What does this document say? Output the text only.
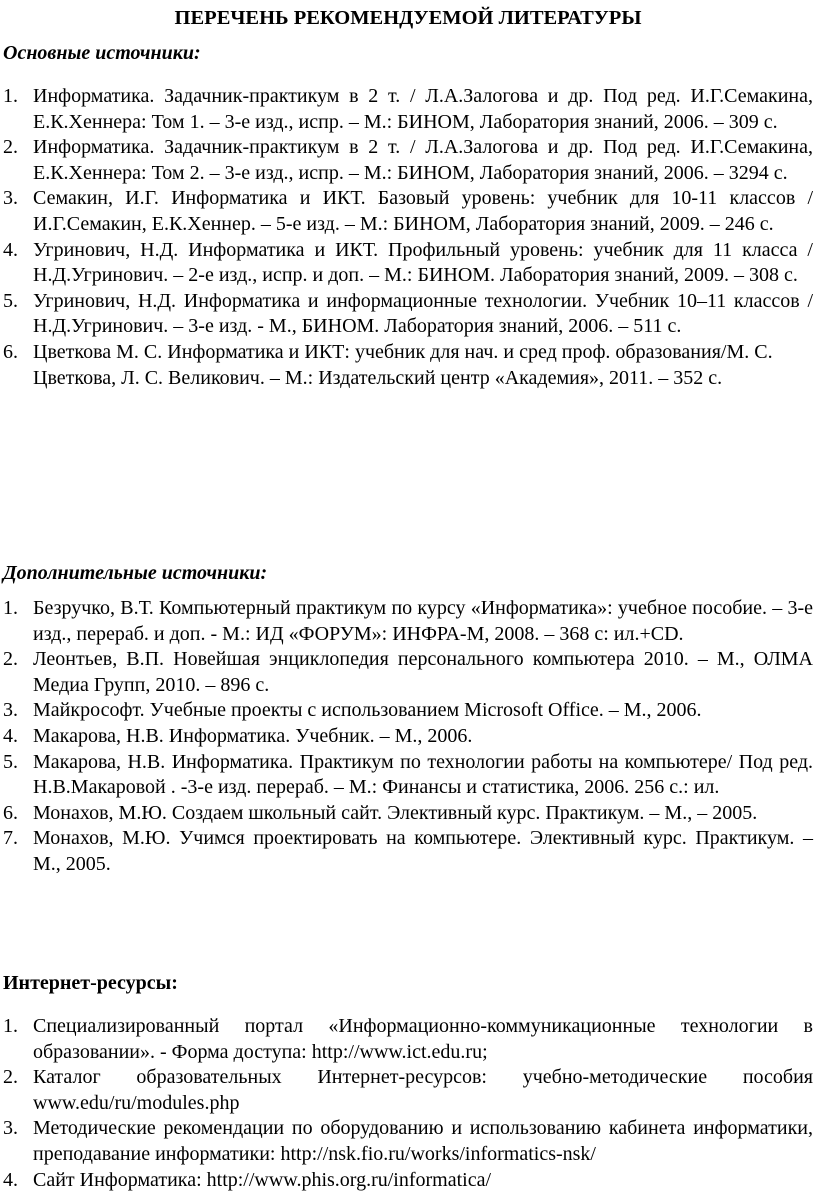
ПЕРЕЧЕНЬ РЕКОМЕНДУЕМОЙ ЛИТЕРАТУРЫ
Основные источники:
1. Информатика. Задачник-практикум в 2 т. / Л.А.Залогова и др. Под ред. И.Г.Семакина, Е.К.Хеннера: Том 1. – 3-е изд., испр. – М.: БИНОМ, Лаборатория знаний, 2006. – 309 с.
2. Информатика. Задачник-практикум в 2 т. / Л.А.Залогова и др. Под ред. И.Г.Семакина, Е.К.Хеннера: Том 2. – 3-е изд., испр. – М.: БИНОМ, Лаборатория знаний, 2006. – 3294 с.
3. Семакин, И.Г. Информатика и ИКТ. Базовый уровень: учебник для 10-11 классов / И.Г.Семакин, Е.К.Хеннер. – 5-е изд. – М.: БИНОМ, Лаборатория знаний, 2009. – 246 с.
4. Угринович, Н.Д. Информатика и ИКТ. Профильный уровень: учебник для 11 класса / Н.Д.Угринович. – 2-е изд., испр. и доп. – М.: БИНОМ. Лаборатория знаний, 2009. – 308 с.
5. Угринович, Н.Д. Информатика и информационные технологии. Учебник 10–11 классов / Н.Д.Угринович. – 3-е изд. - М., БИНОМ. Лаборатория знаний, 2006. – 511 с.
6. Цветкова М. С. Информатика и ИКТ: учебник для нач. и сред проф. образования/М. С. Цветкова, Л. С. Великович. – М.: Издательский центр «Академия», 2011. – 352 с.
Дополнительные источники:
1. Безручко, В.Т. Компьютерный практикум по курсу «Информатика»: учебное пособие. – 3-е изд., перераб. и доп. - М.: ИД «ФОРУМ»: ИНФРА-М, 2008. – 368 с: ил.+CD.
2. Леонтьев, В.П. Новейшая энциклопедия персонального компьютера 2010. – М., ОЛМА Медиа Групп, 2010. – 896 с.
3. Майкрософт. Учебные проекты с использованием Microsoft Office. – М., 2006.
4. Макарова, Н.В. Информатика. Учебник. – М., 2006.
5. Макарова, Н.В. Информатика. Практикум по технологии работы на компьютере/ Под ред. Н.В.Макаровой . -3-е изд. перераб. – М.: Финансы и статистика, 2006. 256 с.: ил.
6. Монахов, М.Ю. Создаем школьный сайт. Элективный курс. Практикум. – М., – 2005.
7. Монахов, М.Ю. Учимся проектировать на компьютере. Элективный курс. Практикум. – М., 2005.
Интернет-ресурсы:
1. Специализированный портал «Информационно-коммуникационные технологии в образовании». - Форма доступа: http://www.ict.edu.ru;
2. Каталог образовательных Интернет-ресурсов: учебно-методические пособия www.edu/ru/modules.php
3. Методические рекомендации по оборудованию и использованию кабинета информатики, преподавание информатики: http://nsk.fio.ru/works/informatics-nsk/
4. Сайт Информатика: http://www.phis.org.ru/informatica/
